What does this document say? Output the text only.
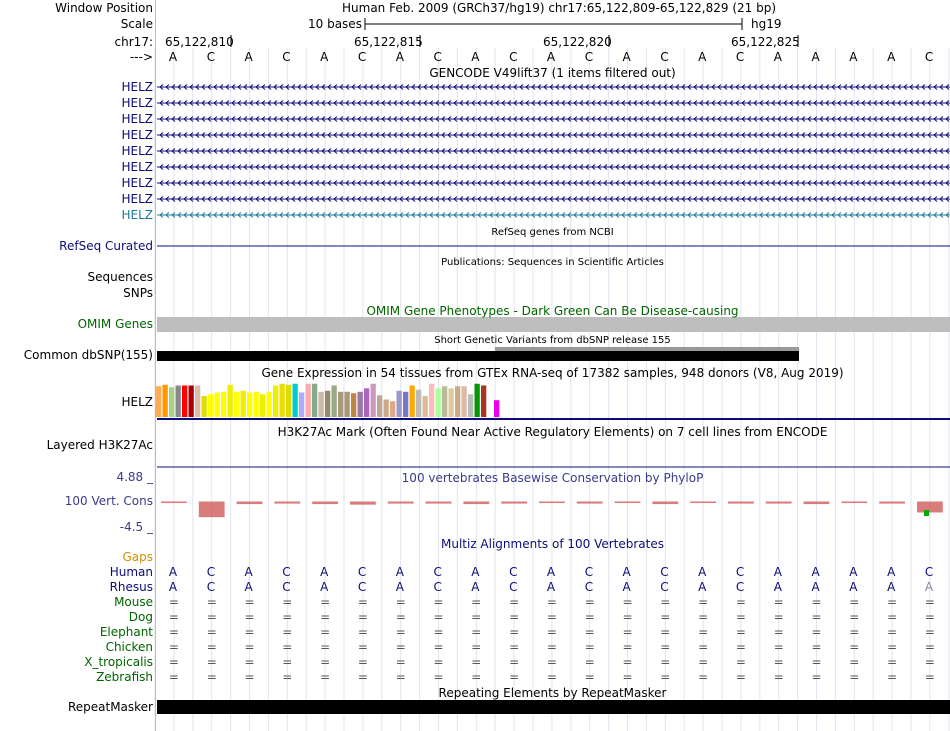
Window Position	Human Feb. 2009 (GRCh37/hg19) chr17:65,122,809-65,122,829 (21 bp)
Scale	10 bases	hg19
chr17: 65,122,810	65,122,815	65,122,820	65,122,825
---> A C A C A C A C A C A C A C A C A A A A C
GENCODE V49lift37 (1 items filtered out)
HELZ
HELZ
HELZ
HELZ
HELZ
HELZ
HELZ
HELZ
HELZ
RefSeq genes from NCBI
RefSeq Curated
Publications: Sequences in Scientific Articles
Sequences
SNPs
OMIM Gene Phenotypes - Dark Green Can Be Disease-causing
OMIM Genes
Short Genetic Variants from dbSNP release 155
Common dbSNP(155)
Gene Expression in 54 tissues from GTEx RNA-seq of 17382 samples, 948 donors (V8, Aug 2019)
HELZ
H3K27Ac Mark (Often Found Near Active Regulatory Elements) on 7 cell lines from ENCODE
Layered H3K27Ac
100 vertebrates Basewise Conservation by PhyloP
4.88 _
100 Vert. Cons
-4.5 _
Multiz Alignments of 100 Vertebrates
Gaps
Human A C A C A C A C A C A C A C A C A A A A C
Rhesus A C A C A C A C A C A C A C A C A A A A A
Mouse = = = = = = = = = = = = = = = = = = = = =
Dog = = = = = = = = = = = = = = = = = = = = =
Elephant = = = = = = = = = = = = = = = = = = = = =
Chicken = = = = = = = = = = = = = = = = = = = = =
X_tropicalis = = = = = = = = = = = = = = = = = = = = =
Zebrafish = = = = = = = = = = = = = = = = = = = = =
Repeating Elements by RepeatMasker
RepeatMasker
